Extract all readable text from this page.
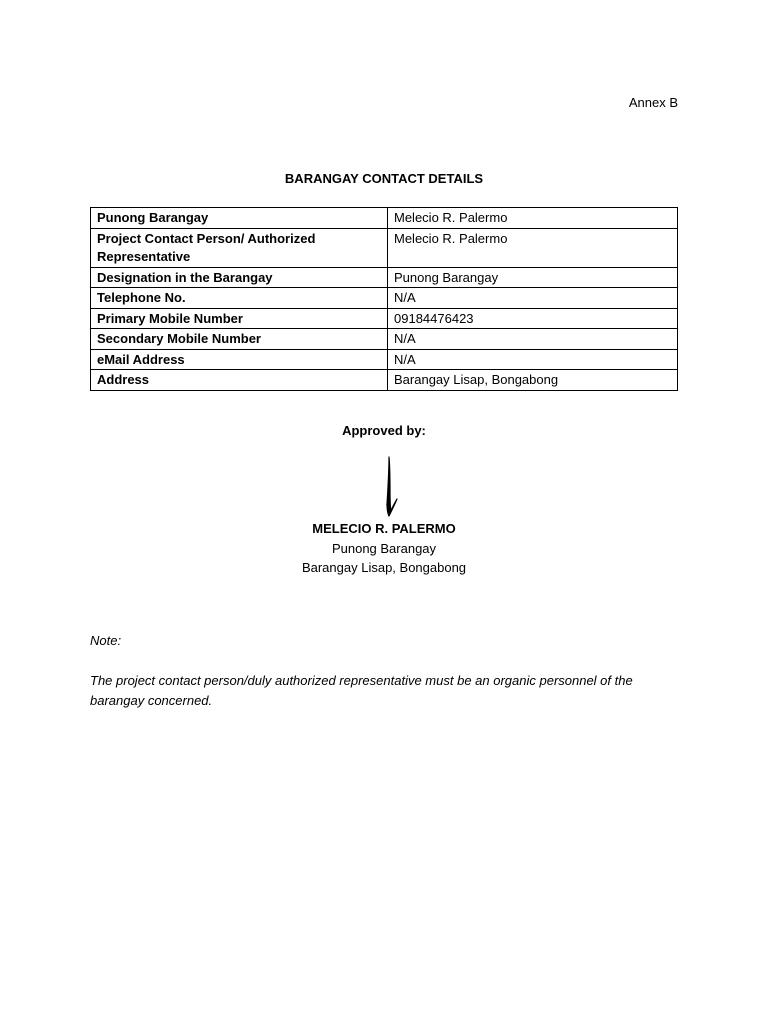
Annex B
BARANGAY CONTACT DETAILS
Punong Barangay	Melecio R. Palermo
Project Contact Person/ Authorized Representative	Melecio R. Palermo
Designation in the Barangay	Punong Barangay
Telephone No.	N/A
Primary Mobile Number	09184476423
Secondary Mobile Number	N/A
eMail Address	N/A
Address	Barangay Lisap, Bongabong
Approved by:
MELECIO R. PALERMO
Punong Barangay
Barangay Lisap, Bongabong
Note:
The project contact person/duly authorized representative must be an organic personnel of the barangay concerned.
